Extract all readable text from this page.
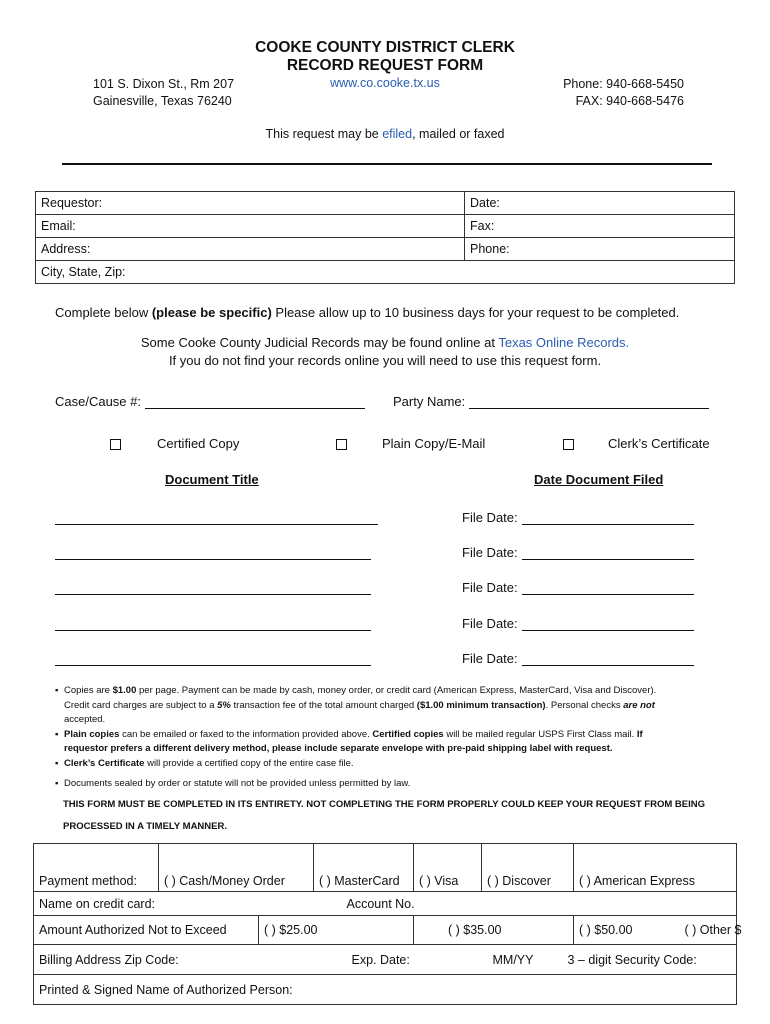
COOKE COUNTY DISTRICT CLERK
RECORD REQUEST FORM
101 S. Dixon St., Rm 207
Gainesville, Texas 76240
www.co.cooke.tx.us	Phone: 940-668-5450
FAX: 940-668-5476
This request may be efiled, mailed or faxed
Requestor:	Date:
Email:	Fax:
Address:	Phone:
City, State, Zip:	
Complete below (please be specific) Please allow up to 10 business days for your request to be completed.
Some Cooke County Judicial Records may be found online at Texas Online Records.
If you do not find your records online you will need to use this request form.
Case/Cause #:	Party Name:
Certified Copy	Plain Copy/E-Mail	Clerk’s Certificate
Document Title	Date Document Filed
File Date:
File Date:
File Date:
File Date:
File Date:
▪ Copies are $1.00 per page. Payment can be made by cash, money order, or credit card (American Express, MasterCard, Visa and Discover).
Credit card charges are subject to a 5% transaction fee of the total amount charged ($1.00 minimum transaction). Personal checks are not
accepted.
▪ Plain copies can be emailed or faxed to the information provided above. Certified copies will be mailed regular USPS First Class mail. If
requestor prefers a different delivery method, please include separate envelope with pre-paid shipping label with request.
▪ Clerk’s Certificate will provide a certified copy of the entire case file.
▪ Documents sealed by order or statute will not be provided unless permitted by law.
THIS FORM MUST BE COMPLETED IN ITS ENTIRETY. NOT COMPLETING THE FORM PROPERLY COULD KEEP YOUR REQUEST FROM BEING
PROCESSED IN A TIMELY MANNER.
Payment method:	( ) Cash/Money Order		( ) MasterCard	( ) Visa	( ) Discover	( ) American Express
Name on credit card: Account No.						

Amount Authorized Not to Exceed		( ) $25.00		( ) $35.00		( ) $50.00 ( ) Other $
Billing Address Zip Code: Exp. Date: MM/YY 3 – digit Security Code:						

Printed & Signed Name of Authorized Person:						
